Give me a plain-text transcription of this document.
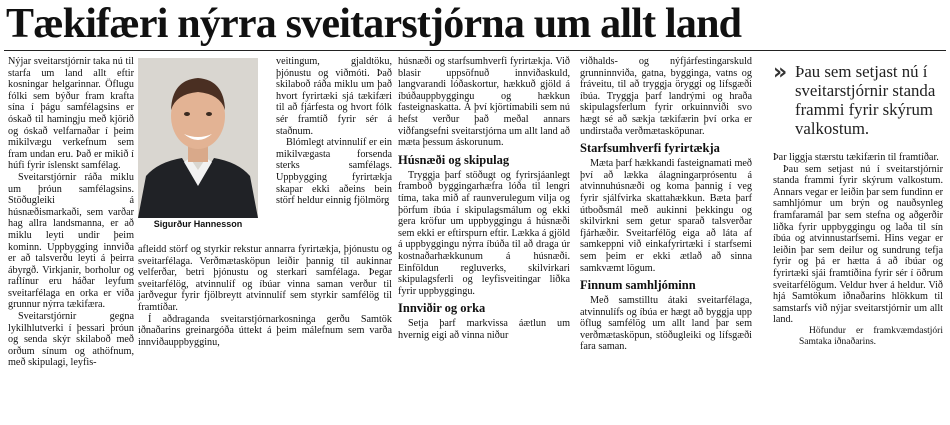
Tækifæri nýrra sveitarstjórna um allt land

Nýjar sveitarstjórnir taka nú til starfa um land allt eftir kosningar helgarinnar. Öflugu fólki sem býður fram krafta sína í þágu samfélagsins er óskað til hamingju með kjörið og óskað velfarnaðar í þeim mikilvægu verkefnum sem fram undan eru. Það er mikið í húfi fyrir íslenskt samfélag.

Sveitarstjórnir ráða miklu um þróun samfélagsins. Stöðugleiki á húsnæðismarkaði, sem varðar hag allra landsmanna, er að miklu leyti undir þeim kominn. Uppbygging innviða er að talsverðu leyti á þeirra ábyrgð. Virkjanir, borholur og raflínur eru háðar leyfum sveitarfélaga en orka er víða grunnur nýrra tækifæra.

Sveitarstjórnir gegna lykilhlutverki í þessari þróun og senda skýr skilaboð með orðum sínum og athöfnum, með skipulagi, leyfis-

Sigurður Hannesson

veitingum, gjaldtöku, þjónustu og viðmóti. Það skilaboð ráða miklu um það hvort fyrirtæki sjá tækifæri til að fjárfesta og hvort fólk sér framtíð fyrir sér á staðnum.

Blómlegt atvinnulíf er ein mikilvægasta forsenda sterks samfélags. Uppbygging fyrirtækja skapar ekki aðeins bein störf heldur einnig fjölmörg

afleidd störf og styrkir rekstur annarra fyrirtækja, þjónustu og sveitarfélaga. Verðmætasköpun leiðir þannig til aukinnar velferðar, betri þjónustu og sterkari samfélaga. Þegar sveitarfélög, atvinnulíf og íbúar vinna saman verður til jarðvegur fyrir fjölbreytt atvinnulíf sem styrkir samfélög til framtíðar.

Í aðdraganda sveitarstjórnarkosninga gerðu Samtök iðnaðarins greinargóða úttekt á þeim málefnum sem varða innviðauppbygginu,

húsnæði og starfsumhverfi fyrirtækja. Við blasir uppsöfnuð innviðaskuld, langvarandi lóðaskortur, hækkuð gjöld á íbúðauppbyggingu og hækkun fasteignaskatta. Á því kjörtímabili sem nú hefst verður það meðal annars viðfangsefni sveitarstjórna um allt land að mæta þessum áskorunum.

Húsnæði og skipulag

Tryggja þarf stöðugt og fyrirsjáanlegt framboð byggingarhæfra lóða til lengri tíma, taka mið af raunverulegum vilja og þörfum íbúa í skipulagsmálum og ekki gera kröfur um uppbyggingu á húsnæði sem ekki er eftirspurn eftir. Lækka á gjöld á uppbyggingu nýrra íbúða til að draga úr kostnaðarhækkunum á húsnæði. Einföldun regluverks, skilvirkari skipulagsferli og leyfisveitingar liðka fyrir uppbyggingu.

Innviðir og orka

Setja þarf markvissa áætlun um hvernig eigi að vinna niður

viðhalds- og nýfjárfestingarskuld grunninnviða, gatna, bygginga, vatns og fráveitu, til að tryggja öryggi og lífsgæði íbúa. Tryggja þarf landrými og hraða skipulagsferlum fyrir orkuinnviði svo hægt sé að sækja tækifærin því orka er undirstaða verðmætasköpunar.

Starfsumhverfi fyrirtækja

Mæta þarf hækkandi fasteignamati með því að lækka álagningarprósentu á atvinnuhúsnæði og koma þannig í veg fyrir sjálfvirka skattahækkun. Bæta þarf útboðsmál með aukinni þekkingu og skilvirkni sem getur sparað talsverðar fjárhæðir. Sveitarfélög eiga að láta af samkeppni við einkafyrirtæki í starfsemi sem þeim er ekki ætlað að sinna samkvæmt lögum.

Finnum samhljóminn

Með samstilltu átaki sveitarfélaga, atvinnulífs og íbúa er hægt að byggja upp öflug samfélög um allt land þar sem verðmætasköpun, stöðugleiki og lífsgæði fara saman.

» Þau sem setjast nú í sveitarstjórnir standa frammi fyrir skýrum valkostum.

Þar liggja stærstu tækifærin til framtíðar.

Þau sem setjast nú í sveitarstjórnir standa frammi fyrir skýrum valkostum. Annars vegar er leiðin þar sem fundinn er samhljómur um brýn og nauðsynleg framfaramál þar sem stefna og aðgerðir liðka fyrir uppbyggingu og laða til sín íbúa og atvinnustarfsemi. Hins vegar er leiðin þar sem deilur og sundrung tefja fyrir og þá er hætta á að íbúar og fyrirtæki sjái framtíðina fyrir sér í öðrum sveitarfélögum. Veldur hver á heldur. Við hjá Samtökum iðnaðarins hlökkum til samstarfs við nýjar sveitarstjórnir um allt land.

Höfundur er framkvæmdastjóri Samtaka iðnaðarins.
